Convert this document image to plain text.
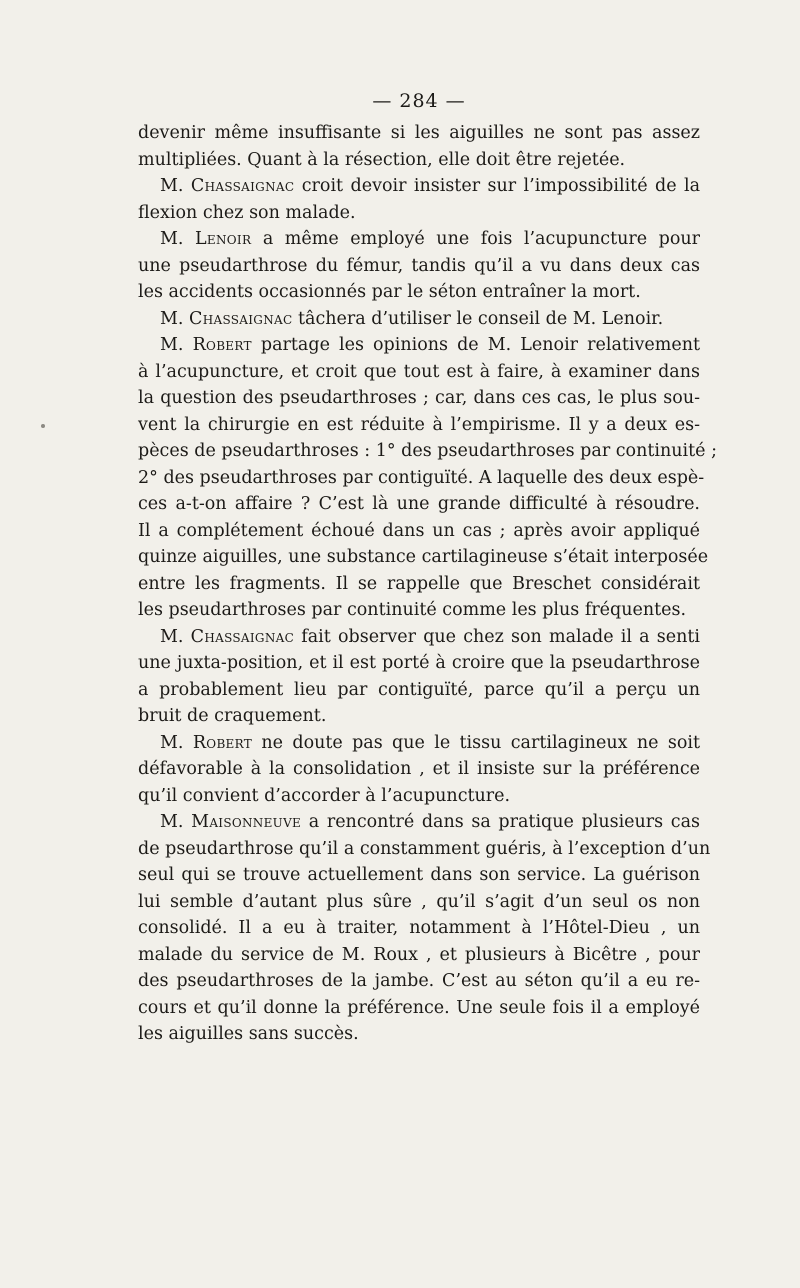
— 284 —
devenir même insuffisante si les aiguilles ne sont pas assez
multipliées. Quant à la résection, elle doit être rejetée.
M. Chassaignac croit devoir insister sur l’impossibilité de la
flexion chez son malade.
M. Lenoir a même employé une fois l’acupuncture pour
une pseudarthrose du fémur, tandis qu’il a vu dans deux cas
les accidents occasionnés par le séton entraîner la mort.
M. Chassaignac tâchera d’utiliser le conseil de M. Lenoir.
M. Robert partage les opinions de M. Lenoir relativement
à l’acupuncture, et croit que tout est à faire, à examiner dans
la question des pseudarthroses ; car, dans ces cas, le plus sou-
vent la chirurgie en est réduite à l’empirisme. Il y a deux es-
pèces de pseudarthroses : 1° des pseudarthroses par continuité ;
2° des pseudarthroses par contiguïté. A laquelle des deux espè-
ces a-t-on affaire ? C’est là une grande difficulté à résoudre.
Il a complétement échoué dans un cas ; après avoir appliqué
quinze aiguilles, une substance cartilagineuse s’était interposée
entre les fragments. Il se rappelle que Breschet considérait
les pseudarthroses par continuité comme les plus fréquentes.
M. Chassaignac fait observer que chez son malade il a senti
une juxta-position, et il est porté à croire que la pseudarthrose
a probablement lieu par contiguïté, parce qu’il a perçu un
bruit de craquement.
M. Robert ne doute pas que le tissu cartilagineux ne soit
défavorable à la consolidation , et il insiste sur la préférence
qu’il convient d’accorder à l’acupuncture.
M. Maisonneuve a rencontré dans sa pratique plusieurs cas
de pseudarthrose qu’il a constamment guéris, à l’exception d’un
seul qui se trouve actuellement dans son service. La guérison
lui semble d’autant plus sûre , qu’il s’agit d’un seul os non
consolidé. Il a eu à traiter, notamment à l’Hôtel-Dieu , un
malade du service de M. Roux , et plusieurs à Bicêtre , pour
des pseudarthroses de la jambe. C’est au séton qu’il a eu re-
cours et qu’il donne la préférence. Une seule fois il a employé
les aiguilles sans succès.
